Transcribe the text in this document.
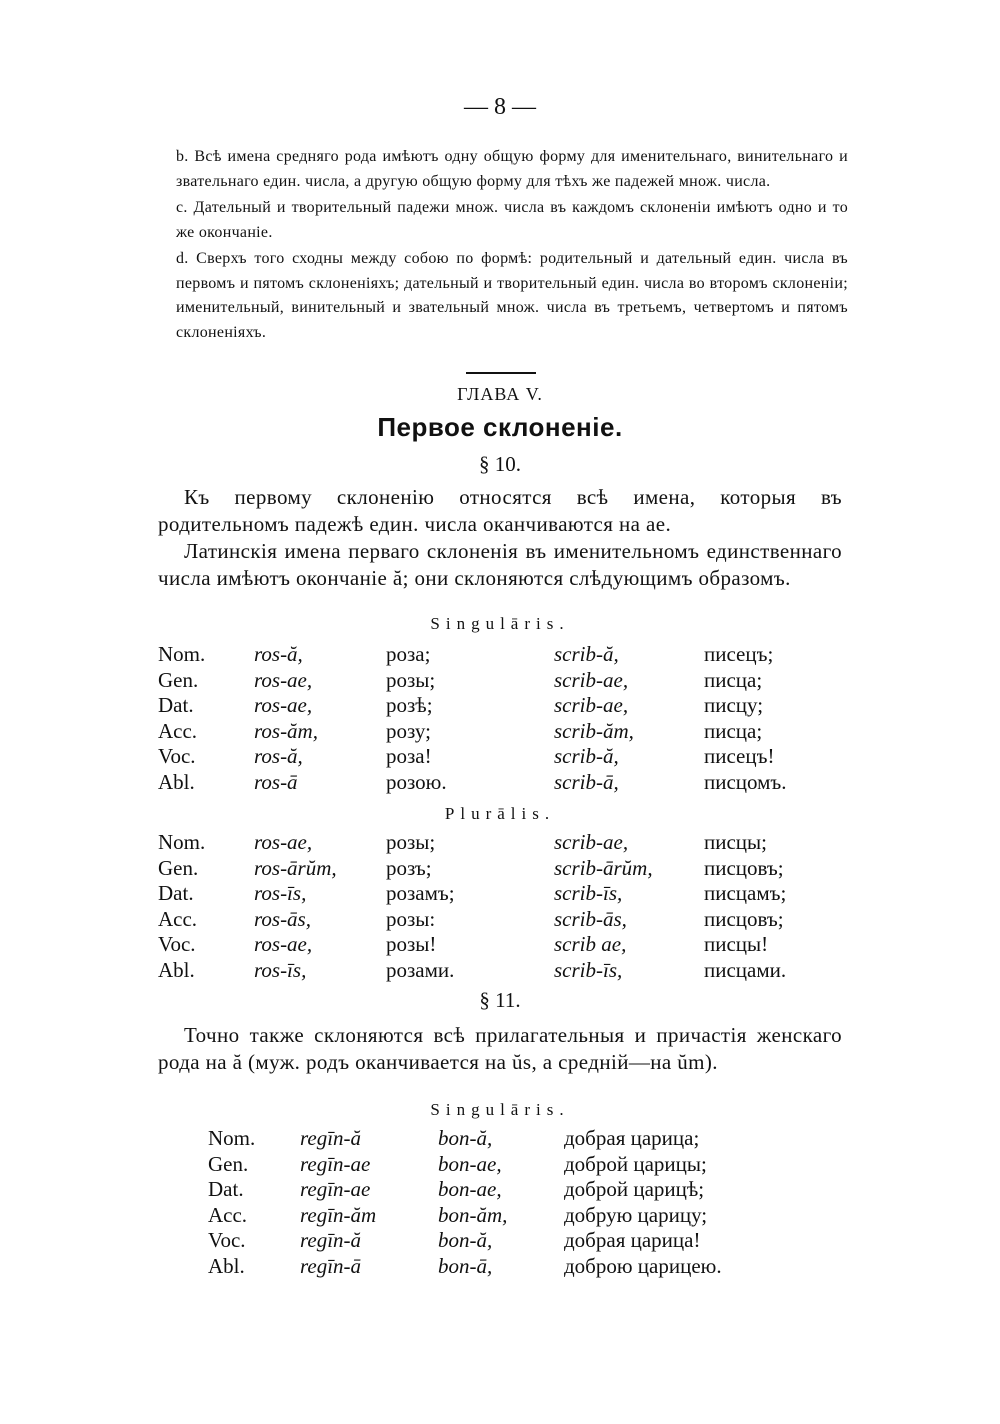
— 8 —

b. Всѣ имена средняго рода имѣютъ одну общую форму для именительнаго, винительнаго и звательнаго един. числа, а другую общую форму для тѣхъ же падежей множ. числа.

c. Дательный и творительный падежи множ. числа въ каждомъ склоненіи имѣютъ одно и то же окончаніе.

d. Сверхъ того сходны между собою по формѣ: родительный и дательный един. числа въ первомъ и пятомъ склоненіяхъ; дательный и творительный един. числа во второмъ склоненіи; именительный, винительный и звательный множ. числа въ третьемъ, четвертомъ и пятомъ склоненіяхъ.

ГЛАВА V.
Первое склоненіе.
§ 10.

Къ первому склоненію относятся всѣ имена, которыя въ родительномъ падежѣ един. числа оканчиваются на ae.

Латинскія имена перваго склоненія въ именительномъ единственнаго числа имѣютъ окончаніе ă; они склоняются слѣдующимъ образомъ.

Singulāris.
Nom. ros-ă,	роза;	scrib-ă,	писецъ;
Gen.	ros-ae,	розы;	scrib-ae,	писца;
Dat.	ros-ae,	розѣ;	scrib-ae,	писцу;
Acc.	ros-ăm,	розу;	scrib-ăm,	писца;
Voc.	ros-ă,	роза!	scrib-ă,	писецъ!
Abl.	ros-ā	розою.	scrib-ā,	писцомъ.
Plurālis.
Nom. ros-ae,	розы;	scrib-ae,	писцы;
Gen.	ros-ārŭm, розъ;	scrib-ārŭm, писцовъ;
Dat.	ros-īs,	розамъ;	scrib-īs,	писцамъ;
Acc.	ros-ās,	розы:	scrib-ās,	писцовъ;
Voc.	ros-ae,	розы!	scrib ae,	писцы!
Abl.	ros-īs,	розами.	scrib-īs,	писцами.
§ 11.

Точно также склоняются всѣ прилагательныя и причастія женскаго рода на ă (муж. родъ оканчивается на ŭs, а средній—на ŭm).

Singulāris.
Nom. regīn-ă	bon-ă,	добрая царица;
Gen. regīn-ae	bon-ae,	доброй царицы;
Dat.	regīn-ae	bon-ae,	доброй царицѣ;
Acc.	regīn-ăm	bon-ăm,	добрую царицу;
Voc.	regīn-ă	bon-ă,	добрая царица!
Abl.	regīn-ā	bon-ā,	доброю царицею.
